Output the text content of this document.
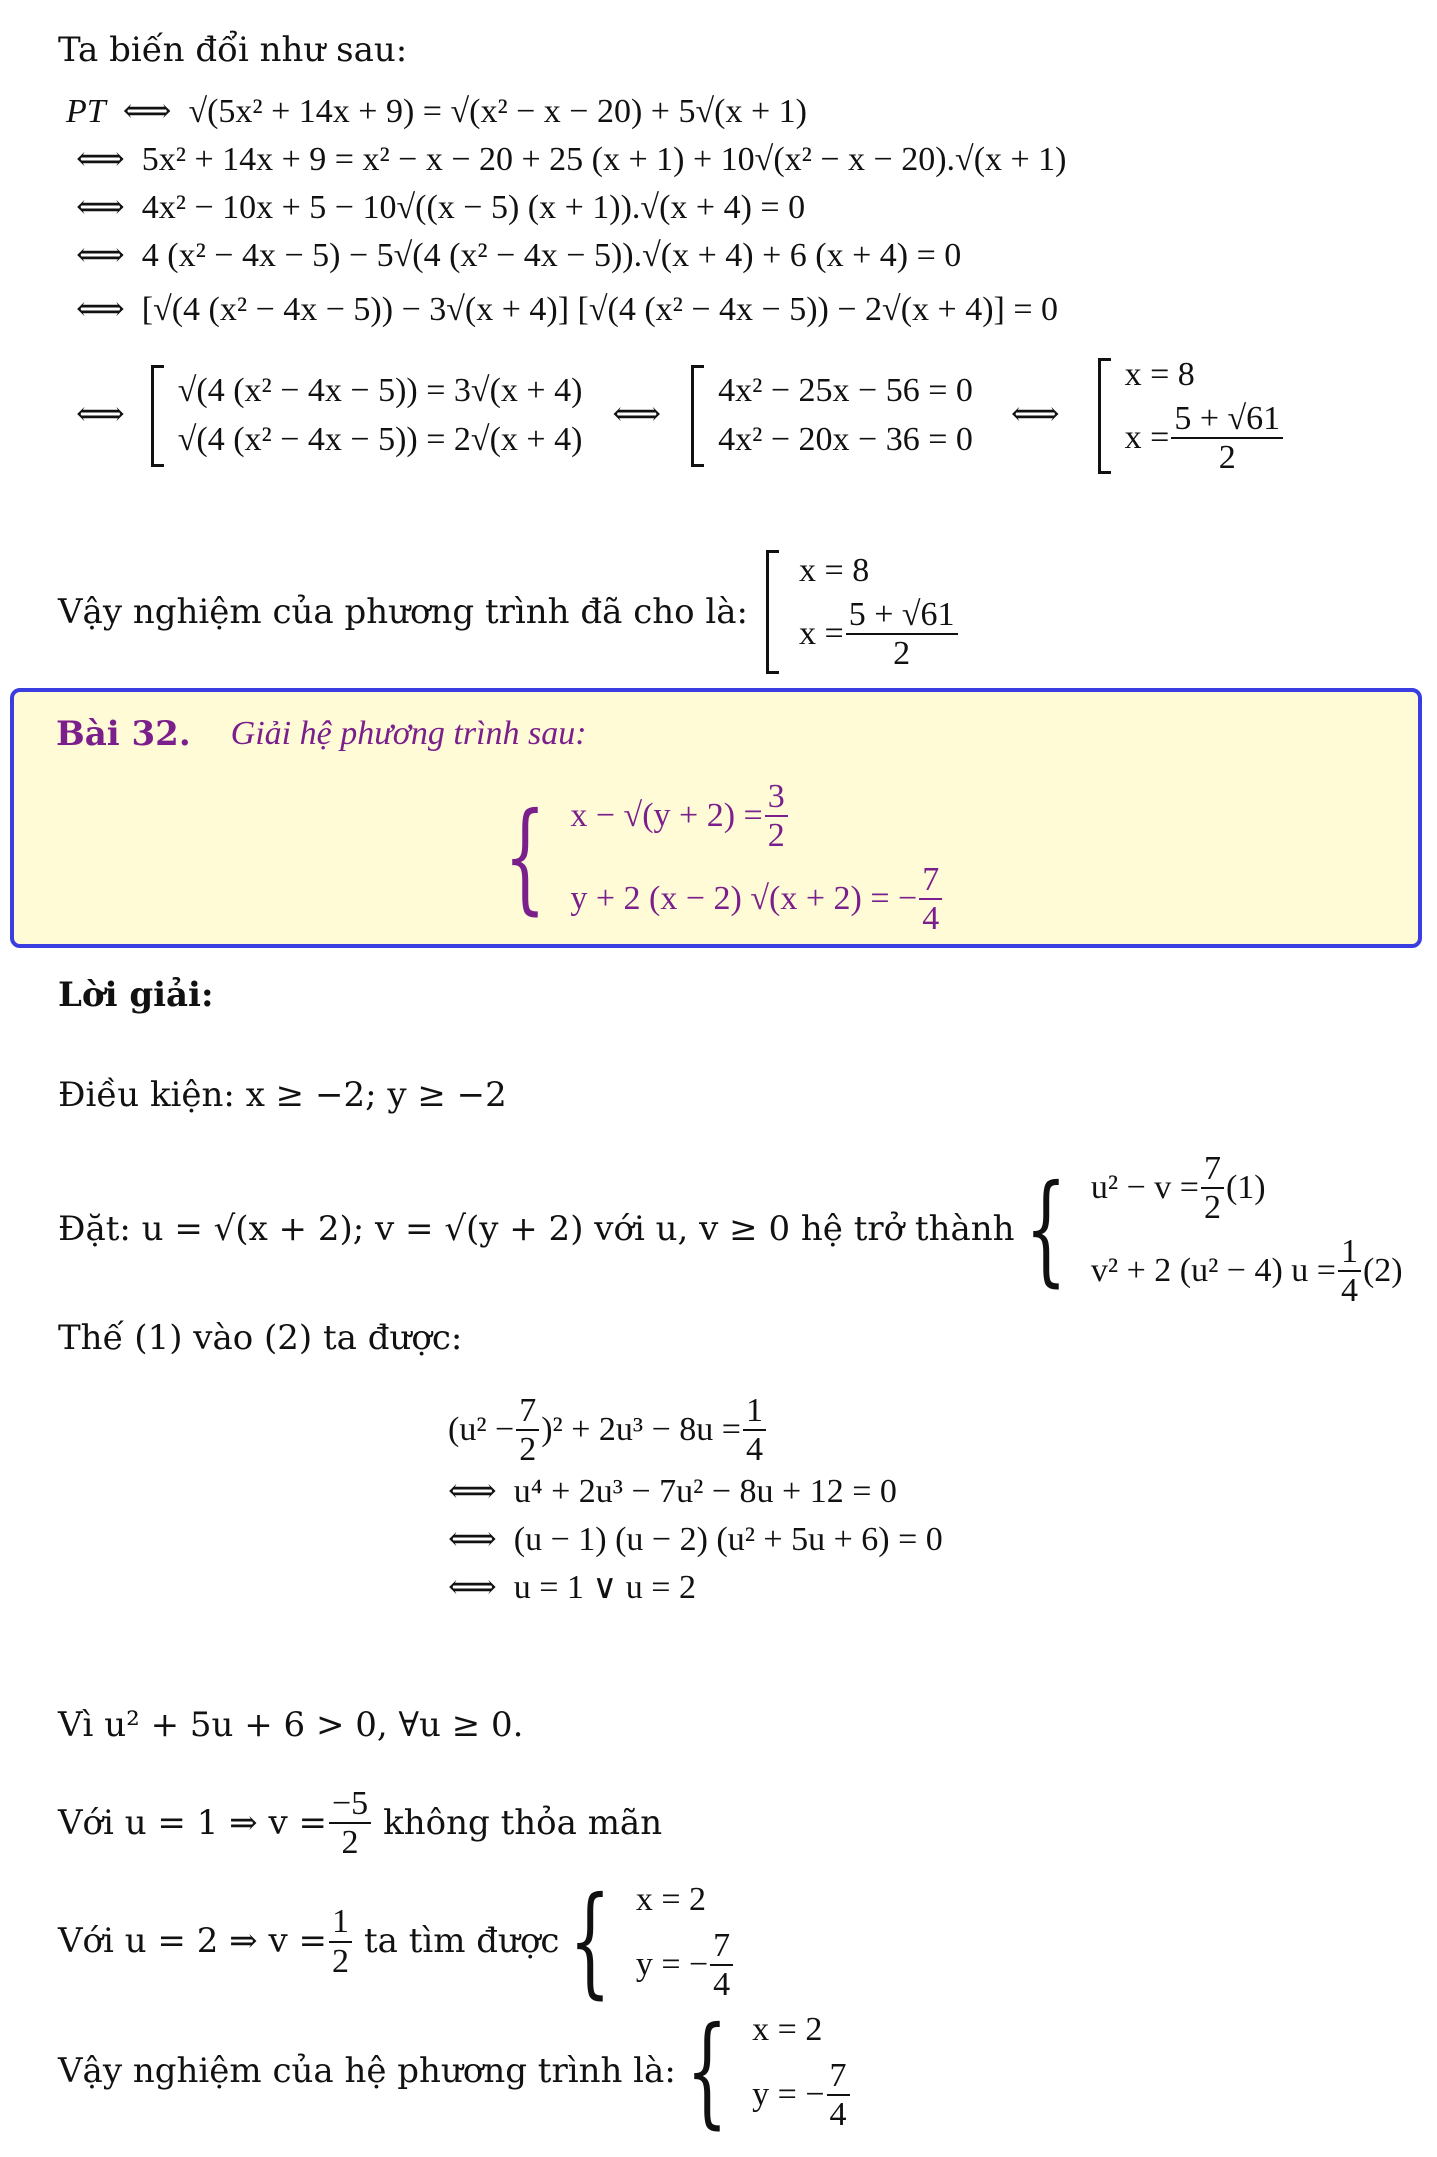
Ta biến đổi như sau:
PT ⟺ √(5x² + 14x + 9) = √(x² − x − 20) + 5√(x + 1)
⟺ 5x² + 14x + 9 = x² − x − 20 + 25 (x + 1) + 10√(x² − x − 20).√(x + 1)
⟺ 4x² − 10x + 5 − 10√((x − 5) (x + 1)).√(x + 4) = 0
⟺ 4 (x² − 4x − 5) − 5√(4 (x² − 4x − 5)).√(x + 4) + 6 (x + 4) = 0
⟺ [√(4 (x² − 4x − 5)) − 3√(x + 4)] [√(4 (x² − 4x − 5)) − 2√(x + 4)] = 0
⟺
√(4 (x² − 4x − 5)) = 3√(x + 4)
√(4 (x² − 4x − 5)) = 2√(x + 4)
⟺
4x² − 25x − 56 = 0
4x² − 20x − 36 = 0
⟺
x = 8
$x = \frac{5 + √61}{2}$
Vậy nghiệm của phương trình đã cho là:
x = 8
$x = \frac{5 + √61}{2}$
Bài 32. Giải hệ phương trình sau:
{ $x - √(y + 2) = \frac{3}{2}$
y + 2 (x − 2) √(x + 2) = − $\frac{7}{4}$
Lời giải:
Điều kiện: x ≥ −2; y ≥ −2
Đặt: u = √(x + 2); v = √(y + 2) với u, v ≥ 0 hệ trở thành { $u^2 - v = \frac{7}{2} (1)$
v² + 2 (u² − 4) $u = \frac{1}{4} (2)$
Thế (1) vào (2) ta được:
$(u^2 - \frac{7}{2} )^2 + 2u^3 - 8u = \frac{1}{4}$
⟺ u⁴ + 2u³ − 7u² − 8u + 12 = 0
⟺ (u − 1) (u − 2) (u² + 5u + 6) = 0
⟺ u = 1 ∨ u = 2
Vì u² + 5u + 6 > 0, ∀u ≥ 0.
Với u = 1 ⇒ $v = \frac{-5}{2}$ không thỏa mãn
Với u = 2 ⇒ $v = \frac{1}{2}$ ta tìm được { x = 2
y = − $\frac{7}{4}$
Vậy nghiệm của hệ phương trình là: { x = 2
y = − $\frac{7}{4}$
